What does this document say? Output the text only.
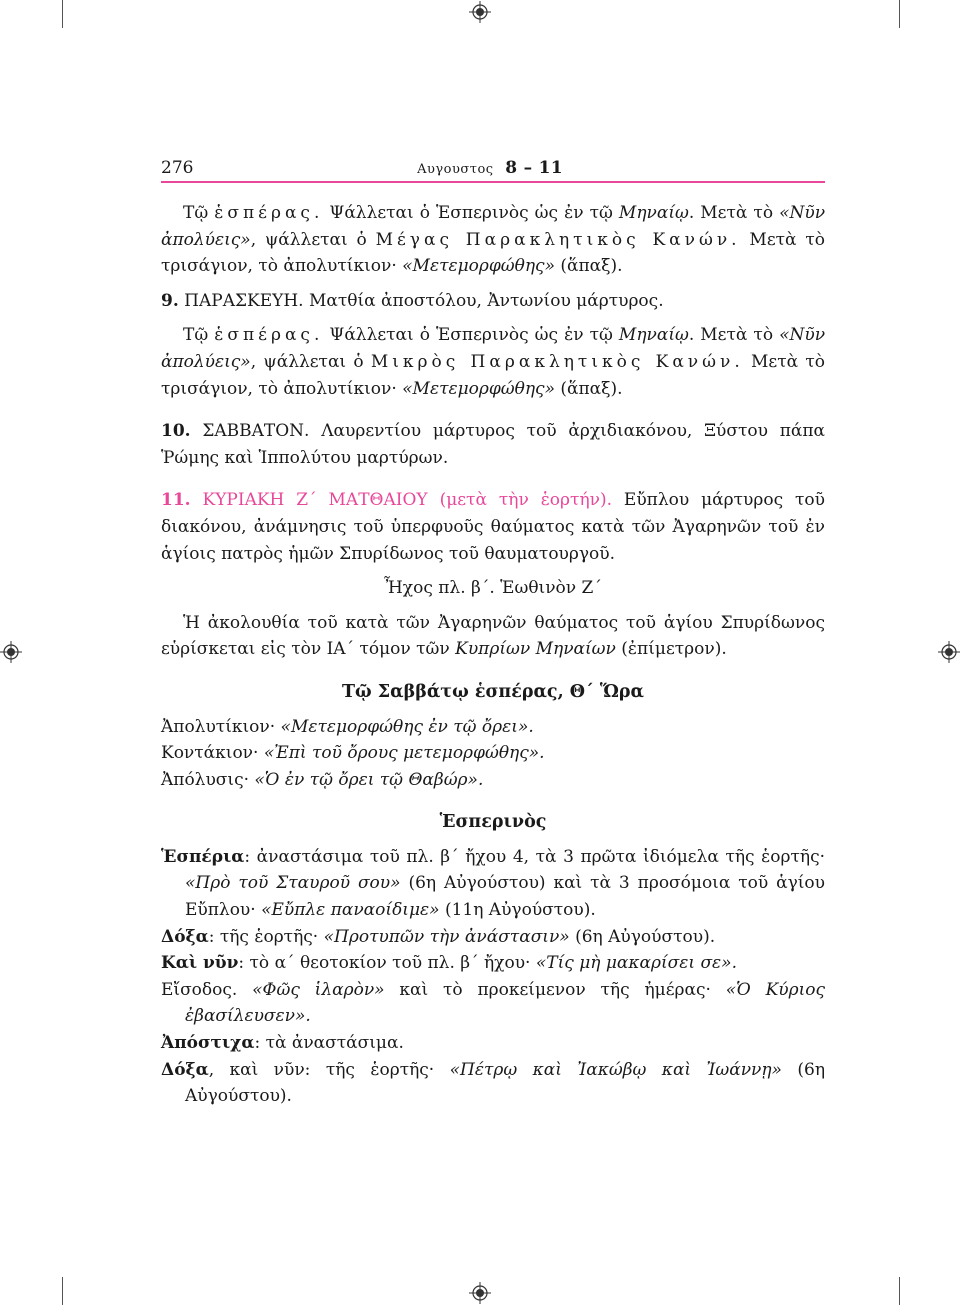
276	Αυγουστος 8 – 11

Τῷ ἑσπέρας. Ψάλλεται ὁ Ἑσπερινὸς ὡς ἐν τῷ Μηναίῳ. Μετὰ τὸ «Νῦν ἀπολύεις», ψάλλεται ὁ Μέγας Παρακλητικὸς Κανών. Μετὰ τὸ τρισάγιον, τὸ ἀπολυτίκιον· «Μετεμορφώθης» (ἅπαξ).

9. ΠΑΡΑΣΚΕΥΗ. Ματθία ἀποστόλου, Ἀντωνίου μάρτυρος.

Τῷ ἑσπέρας. Ψάλλεται ὁ Ἑσπερινὸς ὡς ἐν τῷ Μηναίῳ. Μετὰ τὸ «Νῦν ἀπολύεις», ψάλλεται ὁ Μικρὸς Παρακλητικὸς Κανών. Μετὰ τὸ τρισάγιον, τὸ ἀπολυτίκιον· «Μετεμορφώθης» (ἅπαξ).

10. ΣΑΒΒΑΤΟΝ. Λαυρεντίου μάρτυρος τοῦ ἀρχιδιακόνου, Ξύστου πάπα Ῥώμης καὶ Ἱππολύτου μαρτύρων.

11. ΚΥΡΙΑΚΗ Ζ΄ ΜΑΤΘΑΙΟΥ (μετὰ τὴν ἑορτήν). Εὔπλου μάρτυρος τοῦ διακόνου, ἀνάμνησις τοῦ ὑπερφυοῦς θαύματος κατὰ τῶν Ἀγαρηνῶν τοῦ ἐν ἁγίοις πατρὸς ἡμῶν Σπυρίδωνος τοῦ θαυματουργοῦ.

Ἦχος πλ. β΄. Ἑωθινὸν Ζ΄

Ἡ ἀκολουθία τοῦ κατὰ τῶν Ἀγαρηνῶν θαύματος τοῦ ἁγίου Σπυρίδωνος εὑρίσκεται εἰς τὸν ΙΑ΄ τόμον τῶν Κυπρίων Μηναίων (ἐπίμετρον).

Τῷ Σαββάτῳ ἑσπέρας, Θ΄ Ὥρα

Ἀπολυτίκιον· «Μετεμορφώθης ἐν τῷ ὄρει».

Κοντάκιον· «Ἐπὶ τοῦ ὄρους μετεμορφώθης».

Ἀπόλυσις· «Ὁ ἐν τῷ ὄρει τῷ Θαβώρ».

Ἑσπερινὸς

Ἑσπέρια: ἀναστάσιμα τοῦ πλ. β΄ ἤχου 4, τὰ 3 πρῶτα ἰδιόμελα τῆς ἑορτῆς· «Πρὸ τοῦ Σταυροῦ σου» (6η Αὐγούστου) καὶ τὰ 3 προσόμοια τοῦ ἁγίου Εὔπλου· «Εὔπλε παναοίδιμε» (11η Αὐγούστου).

Δόξα: τῆς ἑορτῆς· «Προτυπῶν τὴν ἀνάστασιν» (6η Αὐγούστου).

Καὶ νῦν: τὸ α΄ θεοτοκίον τοῦ πλ. β΄ ἤχου· «Τίς μὴ μακαρίσει σε».

Εἴσοδος. «Φῶς ἱλαρὸν» καὶ τὸ προκείμενον τῆς ἡμέρας· «Ὁ Κύριος ἐβασίλευσεν».

Ἀπόστιχα: τὰ ἀναστάσιμα.

Δόξα, καὶ νῦν: τῆς ἑορτῆς· «Πέτρῳ καὶ Ἰακώβῳ καὶ Ἰωάννῃ» (6η Αὐγούστου).
